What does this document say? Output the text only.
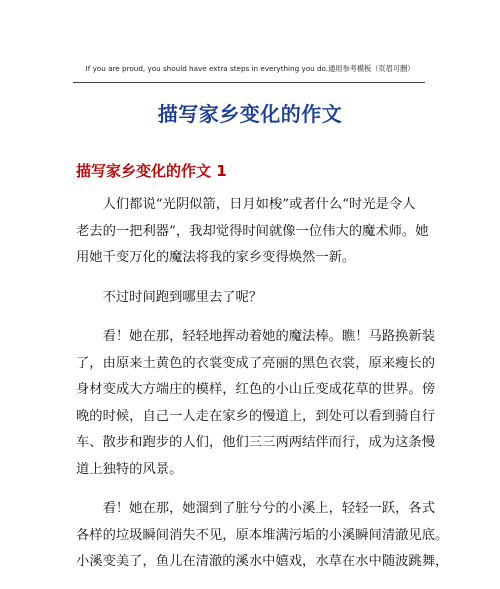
If you are proud, you should have extra steps in everything you do.通用参考模板（页眉可删）
描写家乡变化的作文
描写家乡变化的作文 1
人们都说“光阴似箭，日月如梭”或者什么“时光是令人
老去的一把利器”，我却觉得时间就像一位伟大的魔术师。她
用她千变万化的魔法将我的家乡变得焕然一新。
不过时间跑到哪里去了呢？
看！她在那，轻轻地挥动着她的魔法棒。瞧！马路换新装
了，由原来土黄色的衣裳变成了亮丽的黑色衣裳，原来瘦长的
身材变成大方端庄的模样，红色的小山丘变成花草的世界。傍
晚的时候，自己一人走在家乡的慢道上，到处可以看到骑自行
车、散步和跑步的人们，他们三三两两结伴而行，成为这条慢
道上独特的风景。
看！她在那，她溜到了脏兮兮的小溪上，轻轻一跃，各式
各样的垃圾瞬间消失不见，原本堆满污垢的小溪瞬间清澈见底。
小溪变美了，鱼儿在清澈的溪水中嬉戏，水草在水中随波跳舞，
